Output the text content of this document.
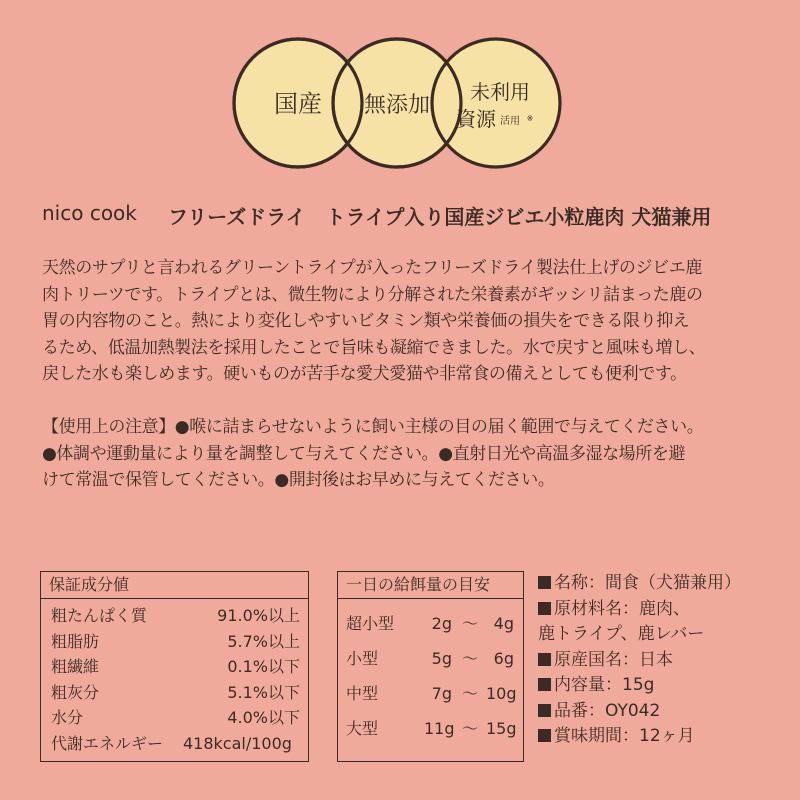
国産 無添加
未利用
資源 活用 ※
nico cook フリーズドライ　トライプ入り国産ジビエ小粒鹿肉 犬猫兼用
天然のサプリと言われるグリーントライプが入ったフリーズドライ製法仕上げのジビエ鹿
肉トリーツです。トライプとは、微生物により分解された栄養素がギッシリ詰まった鹿の
胃の内容物のこと。熱により変化しやすいビタミン類や栄養価の損失をできる限り抑え
るため、低温加熱製法を採用したことで旨味も凝縮できました。水で戻すと風味も増し、
戻した水も楽しめます。硬いものが苦手な愛犬愛猫や非常食の備えとしても便利です。
【使用上の注意】●喉に詰まらせないように飼い主様の目の届く範囲で与えてください。
●体調や運動量により量を調整して与えてください。●直射日光や高温多湿な場所を避
けて常温で保管してください。●開封後はお早めに与えてください。
保証成分値
粗たんぱく質	91.0%以上
粗脂肪	5.7%以上
粗繊維	0.1%以下
粗灰分	5.1%以下
水分	4.0%以下
代謝エネルギー 418kcal/100g
一日の給餌量の目安
超小型	2g 〜 4g
小型	5g 〜 6g
中型	7g 〜 10g
大型	11g 〜 15g
名称：間食（犬猫兼用）
原材料名：鹿肉、
鹿トライプ、鹿レバー
原産国名：日本
内容量：15g
品番：OY042
賞味期間：12ヶ月
